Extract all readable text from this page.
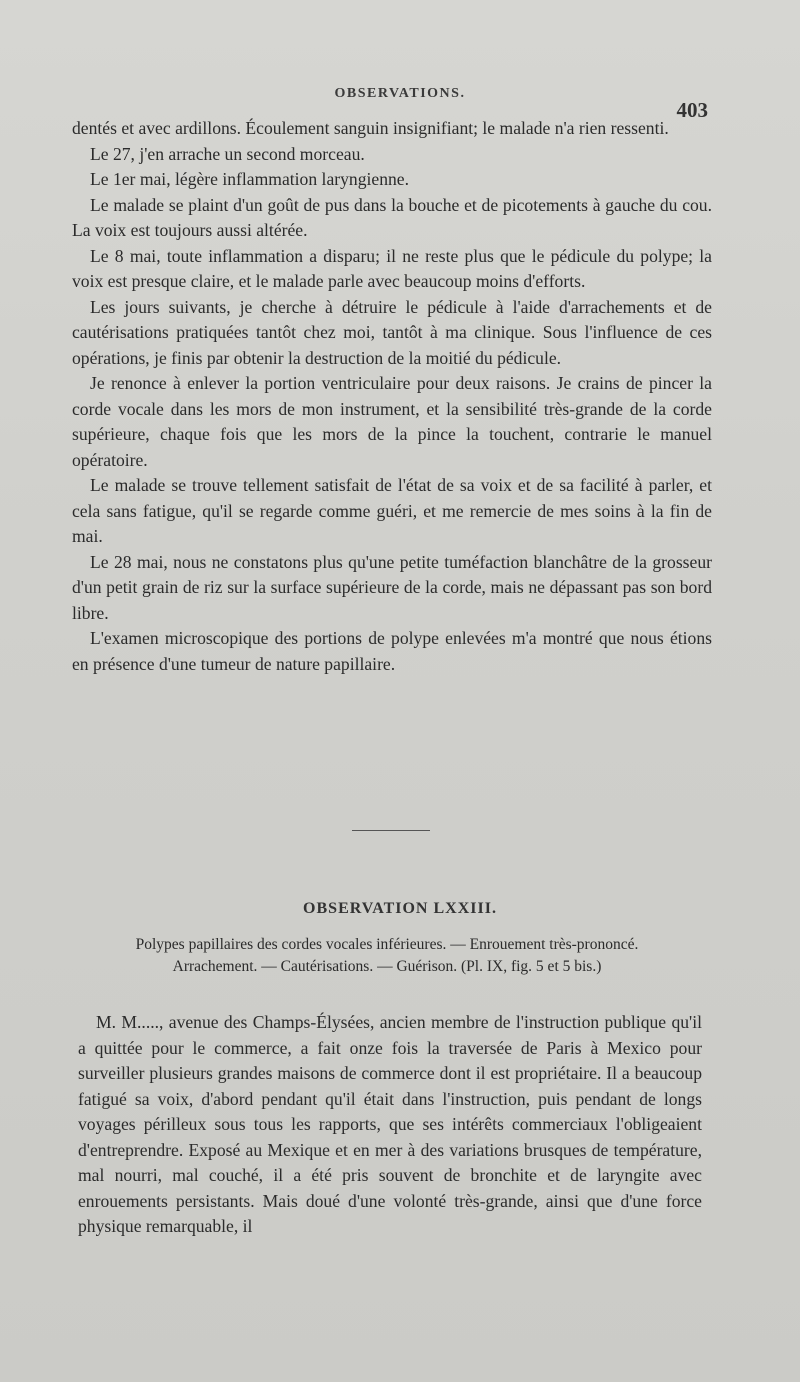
OBSERVATIONS.
403

dentés et avec ardillons. Écoulement sanguin insignifiant; le malade n'a rien ressenti.

Le 27, j'en arrache un second morceau.

Le 1er mai, légère inflammation laryngienne.

Le malade se plaint d'un goût de pus dans la bouche et de picotements à gauche du cou. La voix est toujours aussi altérée.

Le 8 mai, toute inflammation a disparu; il ne reste plus que le pédicule du polype; la voix est presque claire, et le malade parle avec beaucoup moins d'efforts.

Les jours suivants, je cherche à détruire le pédicule à l'aide d'arrachements et de cautérisations pratiquées tantôt chez moi, tantôt à ma clinique. Sous l'influence de ces opérations, je finis par obtenir la destruction de la moitié du pédicule.

Je renonce à enlever la portion ventriculaire pour deux raisons. Je crains de pincer la corde vocale dans les mors de mon instrument, et la sensibilité très-grande de la corde supérieure, chaque fois que les mors de la pince la touchent, contrarie le manuel opératoire.

Le malade se trouve tellement satisfait de l'état de sa voix et de sa facilité à parler, et cela sans fatigue, qu'il se regarde comme guéri, et me remercie de mes soins à la fin de mai.

Le 28 mai, nous ne constatons plus qu'une petite tuméfaction blanchâtre de la grosseur d'un petit grain de riz sur la surface supérieure de la corde, mais ne dépassant pas son bord libre.

L'examen microscopique des portions de polype enlevées m'a montré que nous étions en présence d'une tumeur de nature papillaire.

OBSERVATION LXXIII.
Polypes papillaires des cordes vocales inférieures. — Enrouement très-prononcé.
Arrachement. — Cautérisations. — Guérison. (Pl. IX, fig. 5 et 5 bis.)

M. M....., avenue des Champs-Élysées, ancien membre de l'instruction publique qu'il a quittée pour le commerce, a fait onze fois la traversée de Paris à Mexico pour surveiller plusieurs grandes maisons de commerce dont il est propriétaire. Il a beaucoup fatigué sa voix, d'abord pendant qu'il était dans l'instruction, puis pendant de longs voyages périlleux sous tous les rapports, que ses intérêts commerciaux l'obligeaient d'entreprendre. Exposé au Mexique et en mer à des variations brusques de température, mal nourri, mal couché, il a été pris souvent de bronchite et de laryngite avec enrouements persistants. Mais doué d'une volonté très-grande, ainsi que d'une force physique remarquable, il
